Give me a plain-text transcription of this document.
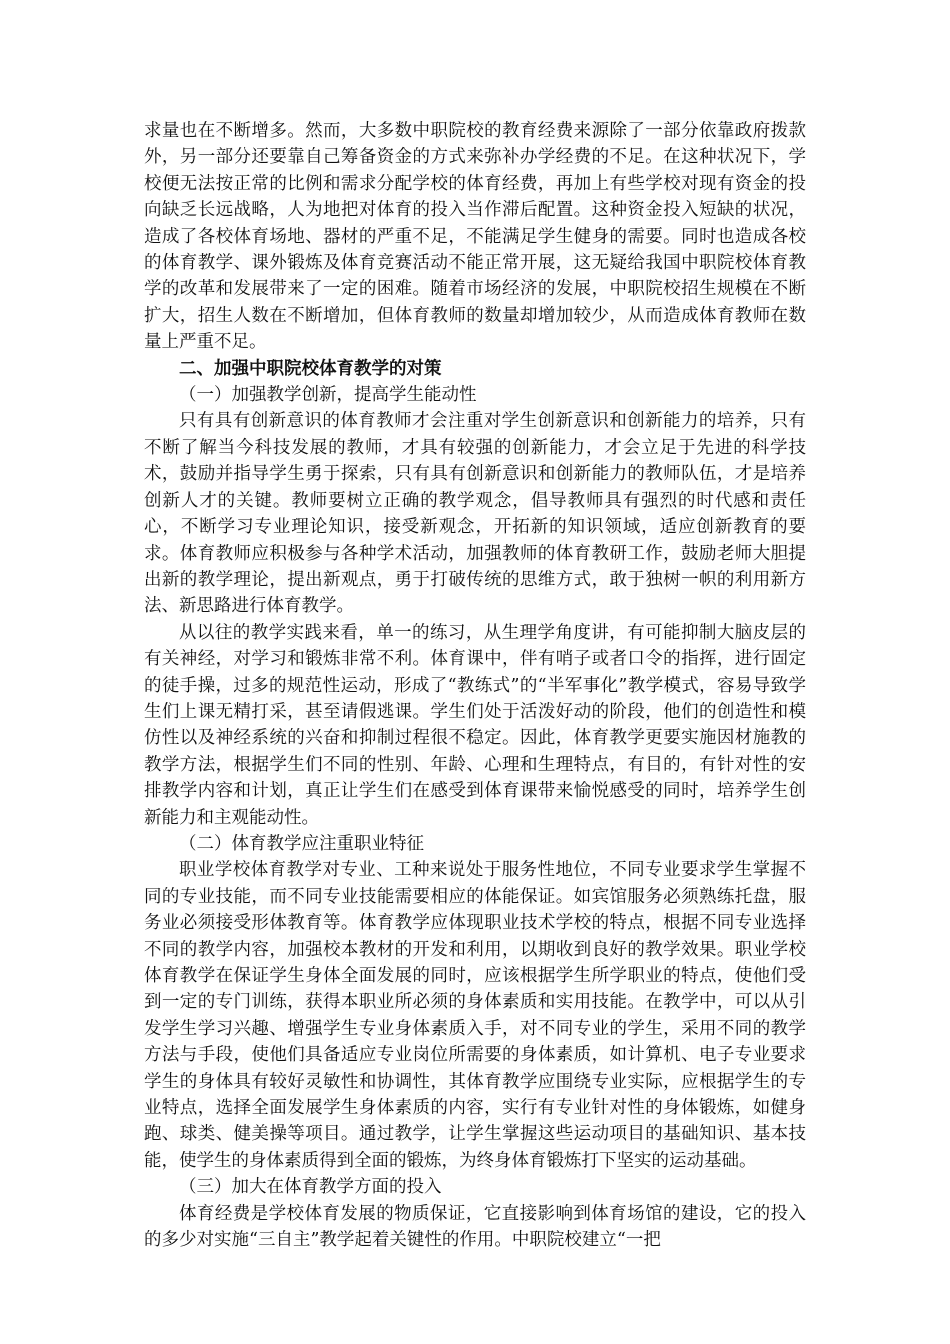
求量也在不断增多。然而，大多数中职院校的教育经费来源除了一部分依靠政府拨款外，另一部分还要靠自己筹备资金的方式来弥补办学经费的不足。在这种状况下，学校便无法按正常的比例和需求分配学校的体育经费，再加上有些学校对现有资金的投向缺乏长远战略，人为地把对体育的投入当作滞后配置。这种资金投入短缺的状况，造成了各校体育场地、器材的严重不足，不能满足学生健身的需要。同时也造成各校的体育教学、课外锻炼及体育竞赛活动不能正常开展，这无疑给我国中职院校体育教学的改革和发展带来了一定的困难。随着市场经济的发展，中职院校招生规模在不断扩大，招生人数在不断增加，但体育教师的数量却增加较少，从而造成体育教师在数量上严重不足。

二、加强中职院校体育教学的对策

（一）加强教学创新，提高学生能动性

只有具有创新意识的体育教师才会注重对学生创新意识和创新能力的培养，只有不断了解当今科技发展的教师，才具有较强的创新能力，才会立足于先进的科学技术，鼓励并指导学生勇于探索，只有具有创新意识和创新能力的教师队伍，才是培养创新人才的关键。教师要树立正确的教学观念，倡导教师具有强烈的时代感和责任心，不断学习专业理论知识，接受新观念，开拓新的知识领域，适应创新教育的要求。体育教师应积极参与各种学术活动，加强教师的体育教研工作，鼓励老师大胆提出新的教学理论，提出新观点，勇于打破传统的思维方式，敢于独树一帜的利用新方法、新思路进行体育教学。

从以往的教学实践来看，单一的练习，从生理学角度讲，有可能抑制大脑皮层的有关神经，对学习和锻炼非常不利。体育课中，伴有哨子或者口令的指挥，进行固定的徒手操，过多的规范性运动，形成了“教练式”的“半军事化”教学模式，容易导致学生们上课无精打采，甚至请假逃课。学生们处于活泼好动的阶段，他们的创造性和模仿性以及神经系统的兴奋和抑制过程很不稳定。因此，体育教学更要实施因材施教的教学方法，根据学生们不同的性别、年龄、心理和生理特点，有目的，有针对性的安排教学内容和计划，真正让学生们在感受到体育课带来愉悦感受的同时，培养学生创新能力和主观能动性。

（二）体育教学应注重职业特征

职业学校体育教学对专业、工种来说处于服务性地位，不同专业要求学生掌握不同的专业技能，而不同专业技能需要相应的体能保证。如宾馆服务必须熟练托盘，服务业必须接受形体教育等。体育教学应体现职业技术学校的特点，根据不同专业选择不同的教学内容，加强校本教材的开发和利用，以期收到良好的教学效果。职业学校体育教学在保证学生身体全面发展的同时，应该根据学生所学职业的特点，使他们受到一定的专门训练，获得本职业所必须的身体素质和实用技能。在教学中，可以从引发学生学习兴趣、增强学生专业身体素质入手，对不同专业的学生，采用不同的教学方法与手段，使他们具备适应专业岗位所需要的身体素质，如计算机、电子专业要求学生的身体具有较好灵敏性和协调性，其体育教学应围绕专业实际，应根据学生的专业特点，选择全面发展学生身体素质的内容，实行有专业针对性的身体锻炼，如健身跑、球类、健美操等项目。通过教学，让学生掌握这些运动项目的基础知识、基本技能，使学生的身体素质得到全面的锻炼，为终身体育锻炼打下坚实的运动基础。

（三）加大在体育教学方面的投入

体育经费是学校体育发展的物质保证，它直接影响到体育场馆的建设，它的投入的多少对实施“三自主”教学起着关键性的作用。中职院校建立“一把
